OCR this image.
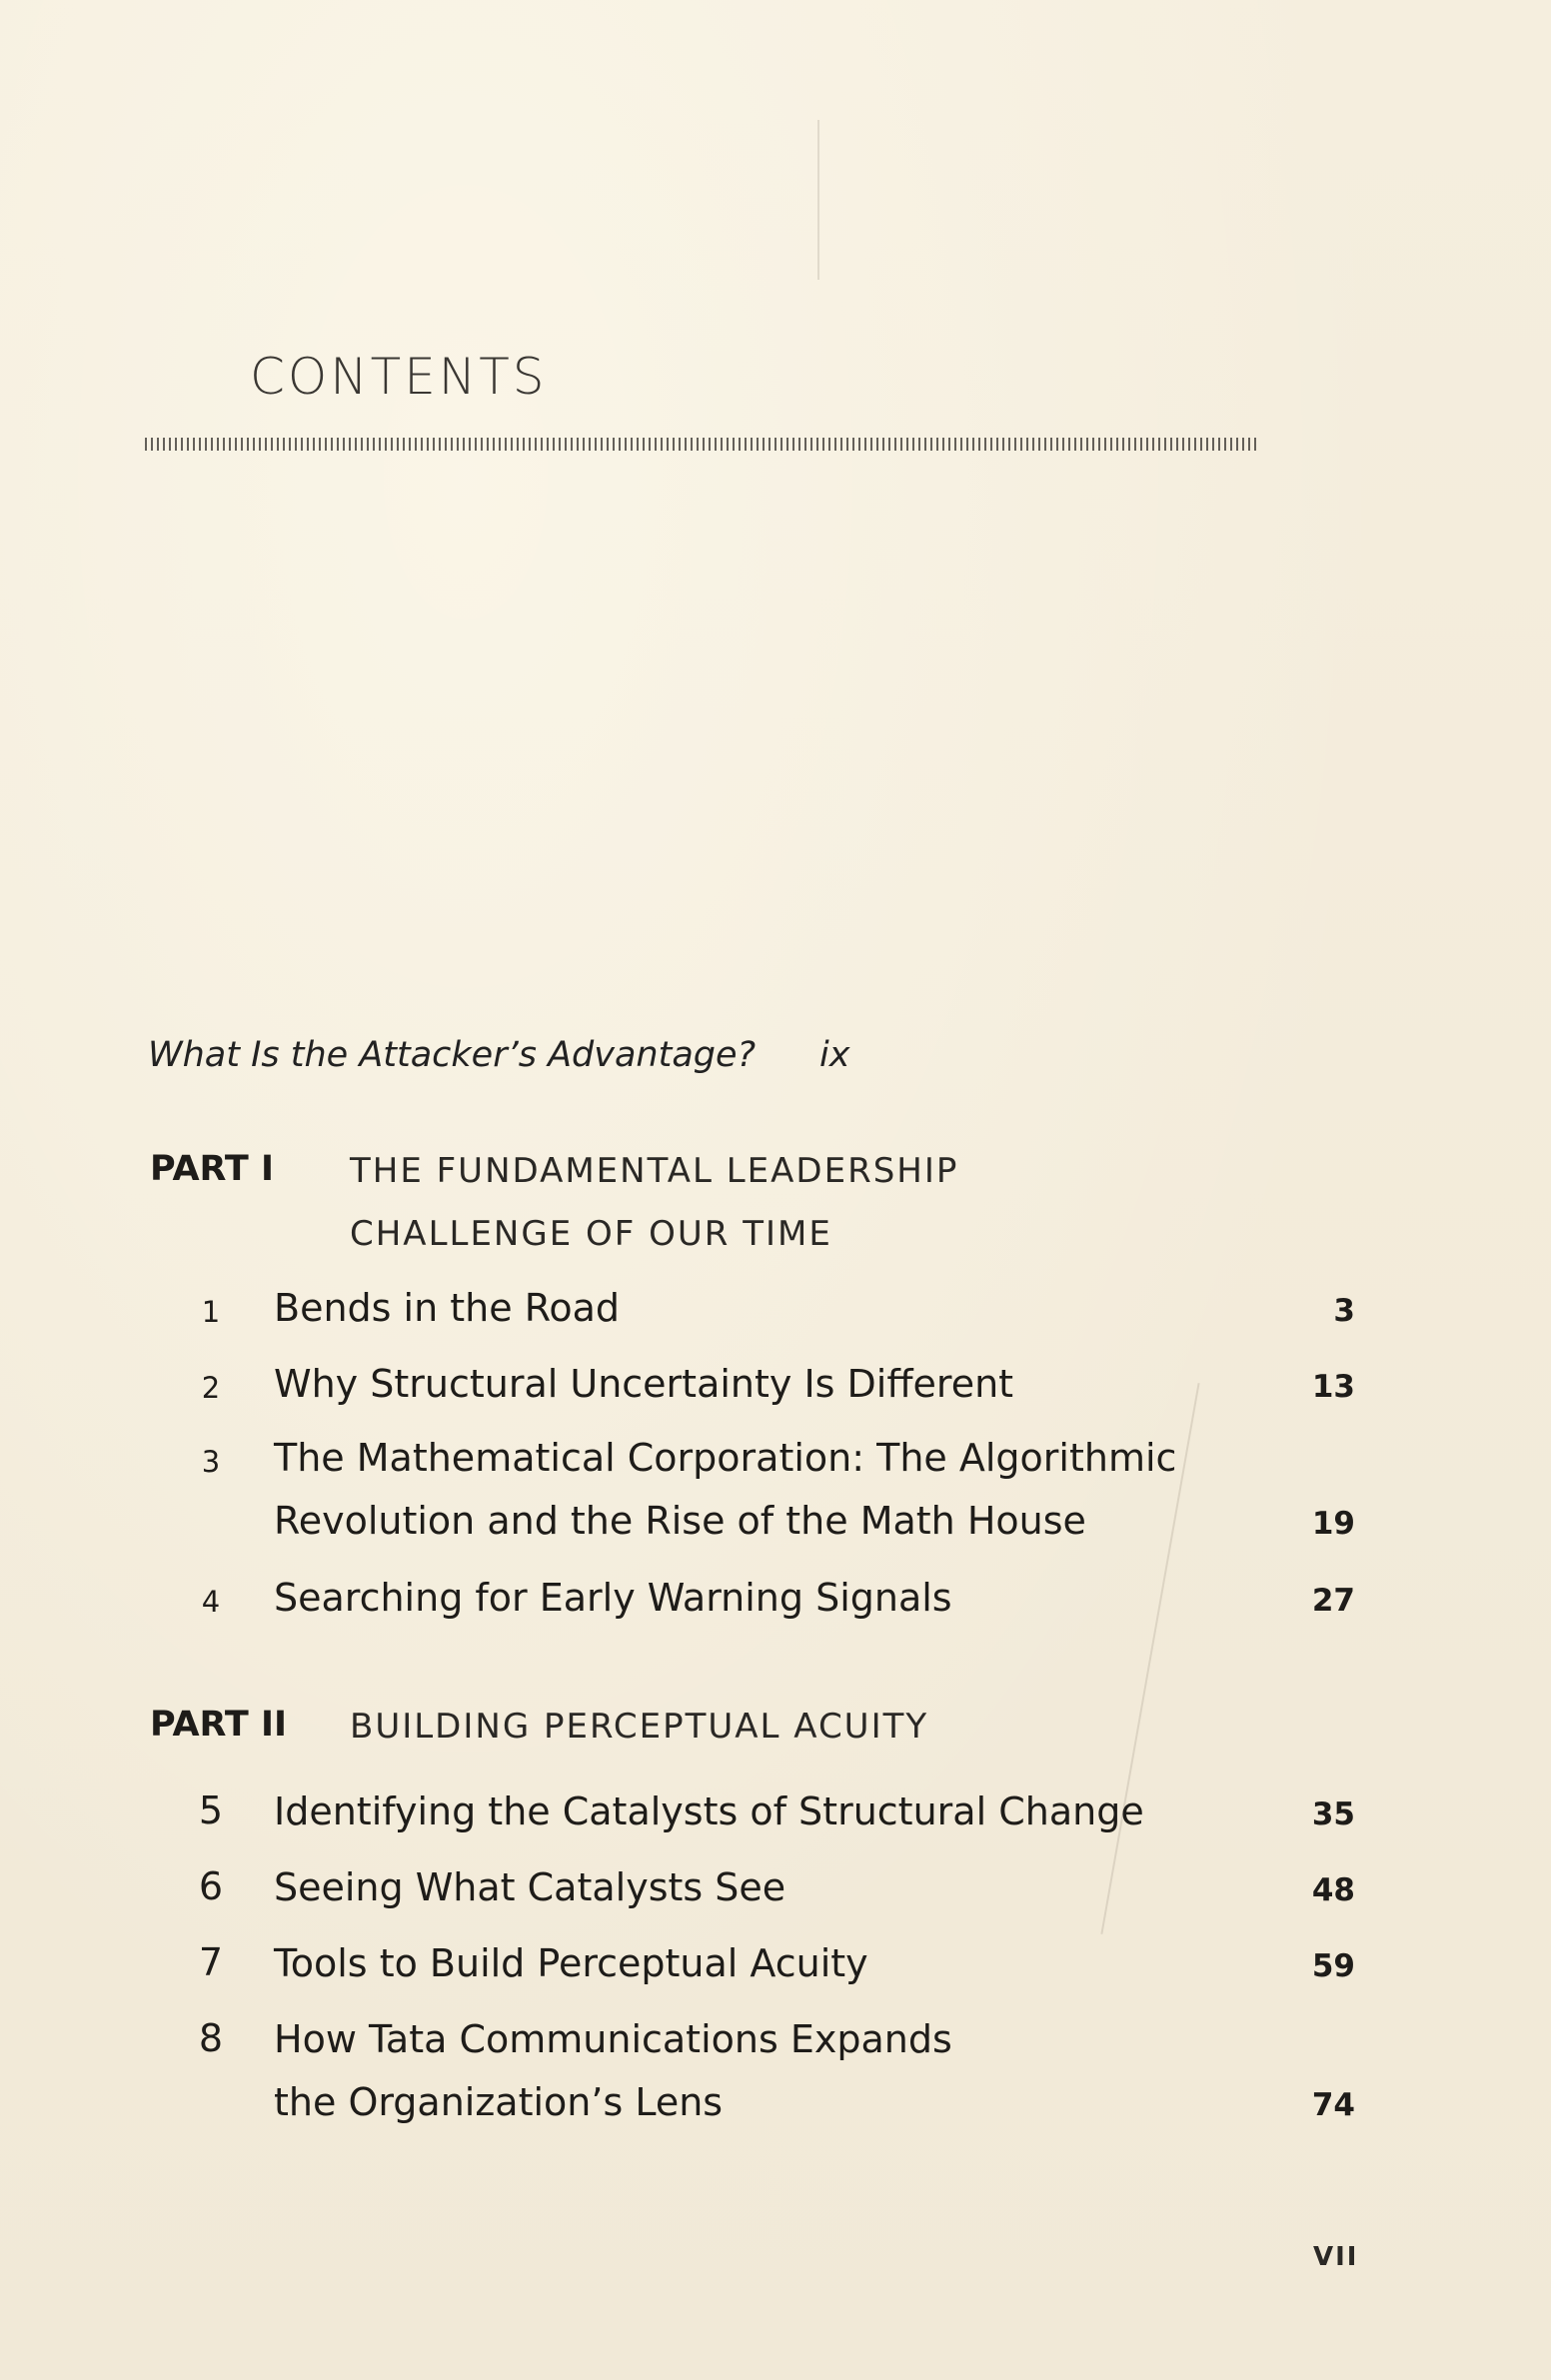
CONTENTS
What Is the Attacker’s Advantage? ix
PART I THE FUNDAMENTAL LEADERSHIP
CHALLENGE OF OUR TIME
1 Bends in the Road	3
2 Why Structural Uncertainty Is Different	13
3 The Mathematical Corporation: The Algorithmic
Revolution and the Rise of the Math House	19
4 Searching for Early Warning Signals	27
PART II BUILDING PERCEPTUAL ACUITY
5 Identifying the Catalysts of Structural Change	35
6 Seeing What Catalysts See	48
7 Tools to Build Perceptual Acuity	59
8 How Tata Communications Expands
the Organization’s Lens	74
VII
